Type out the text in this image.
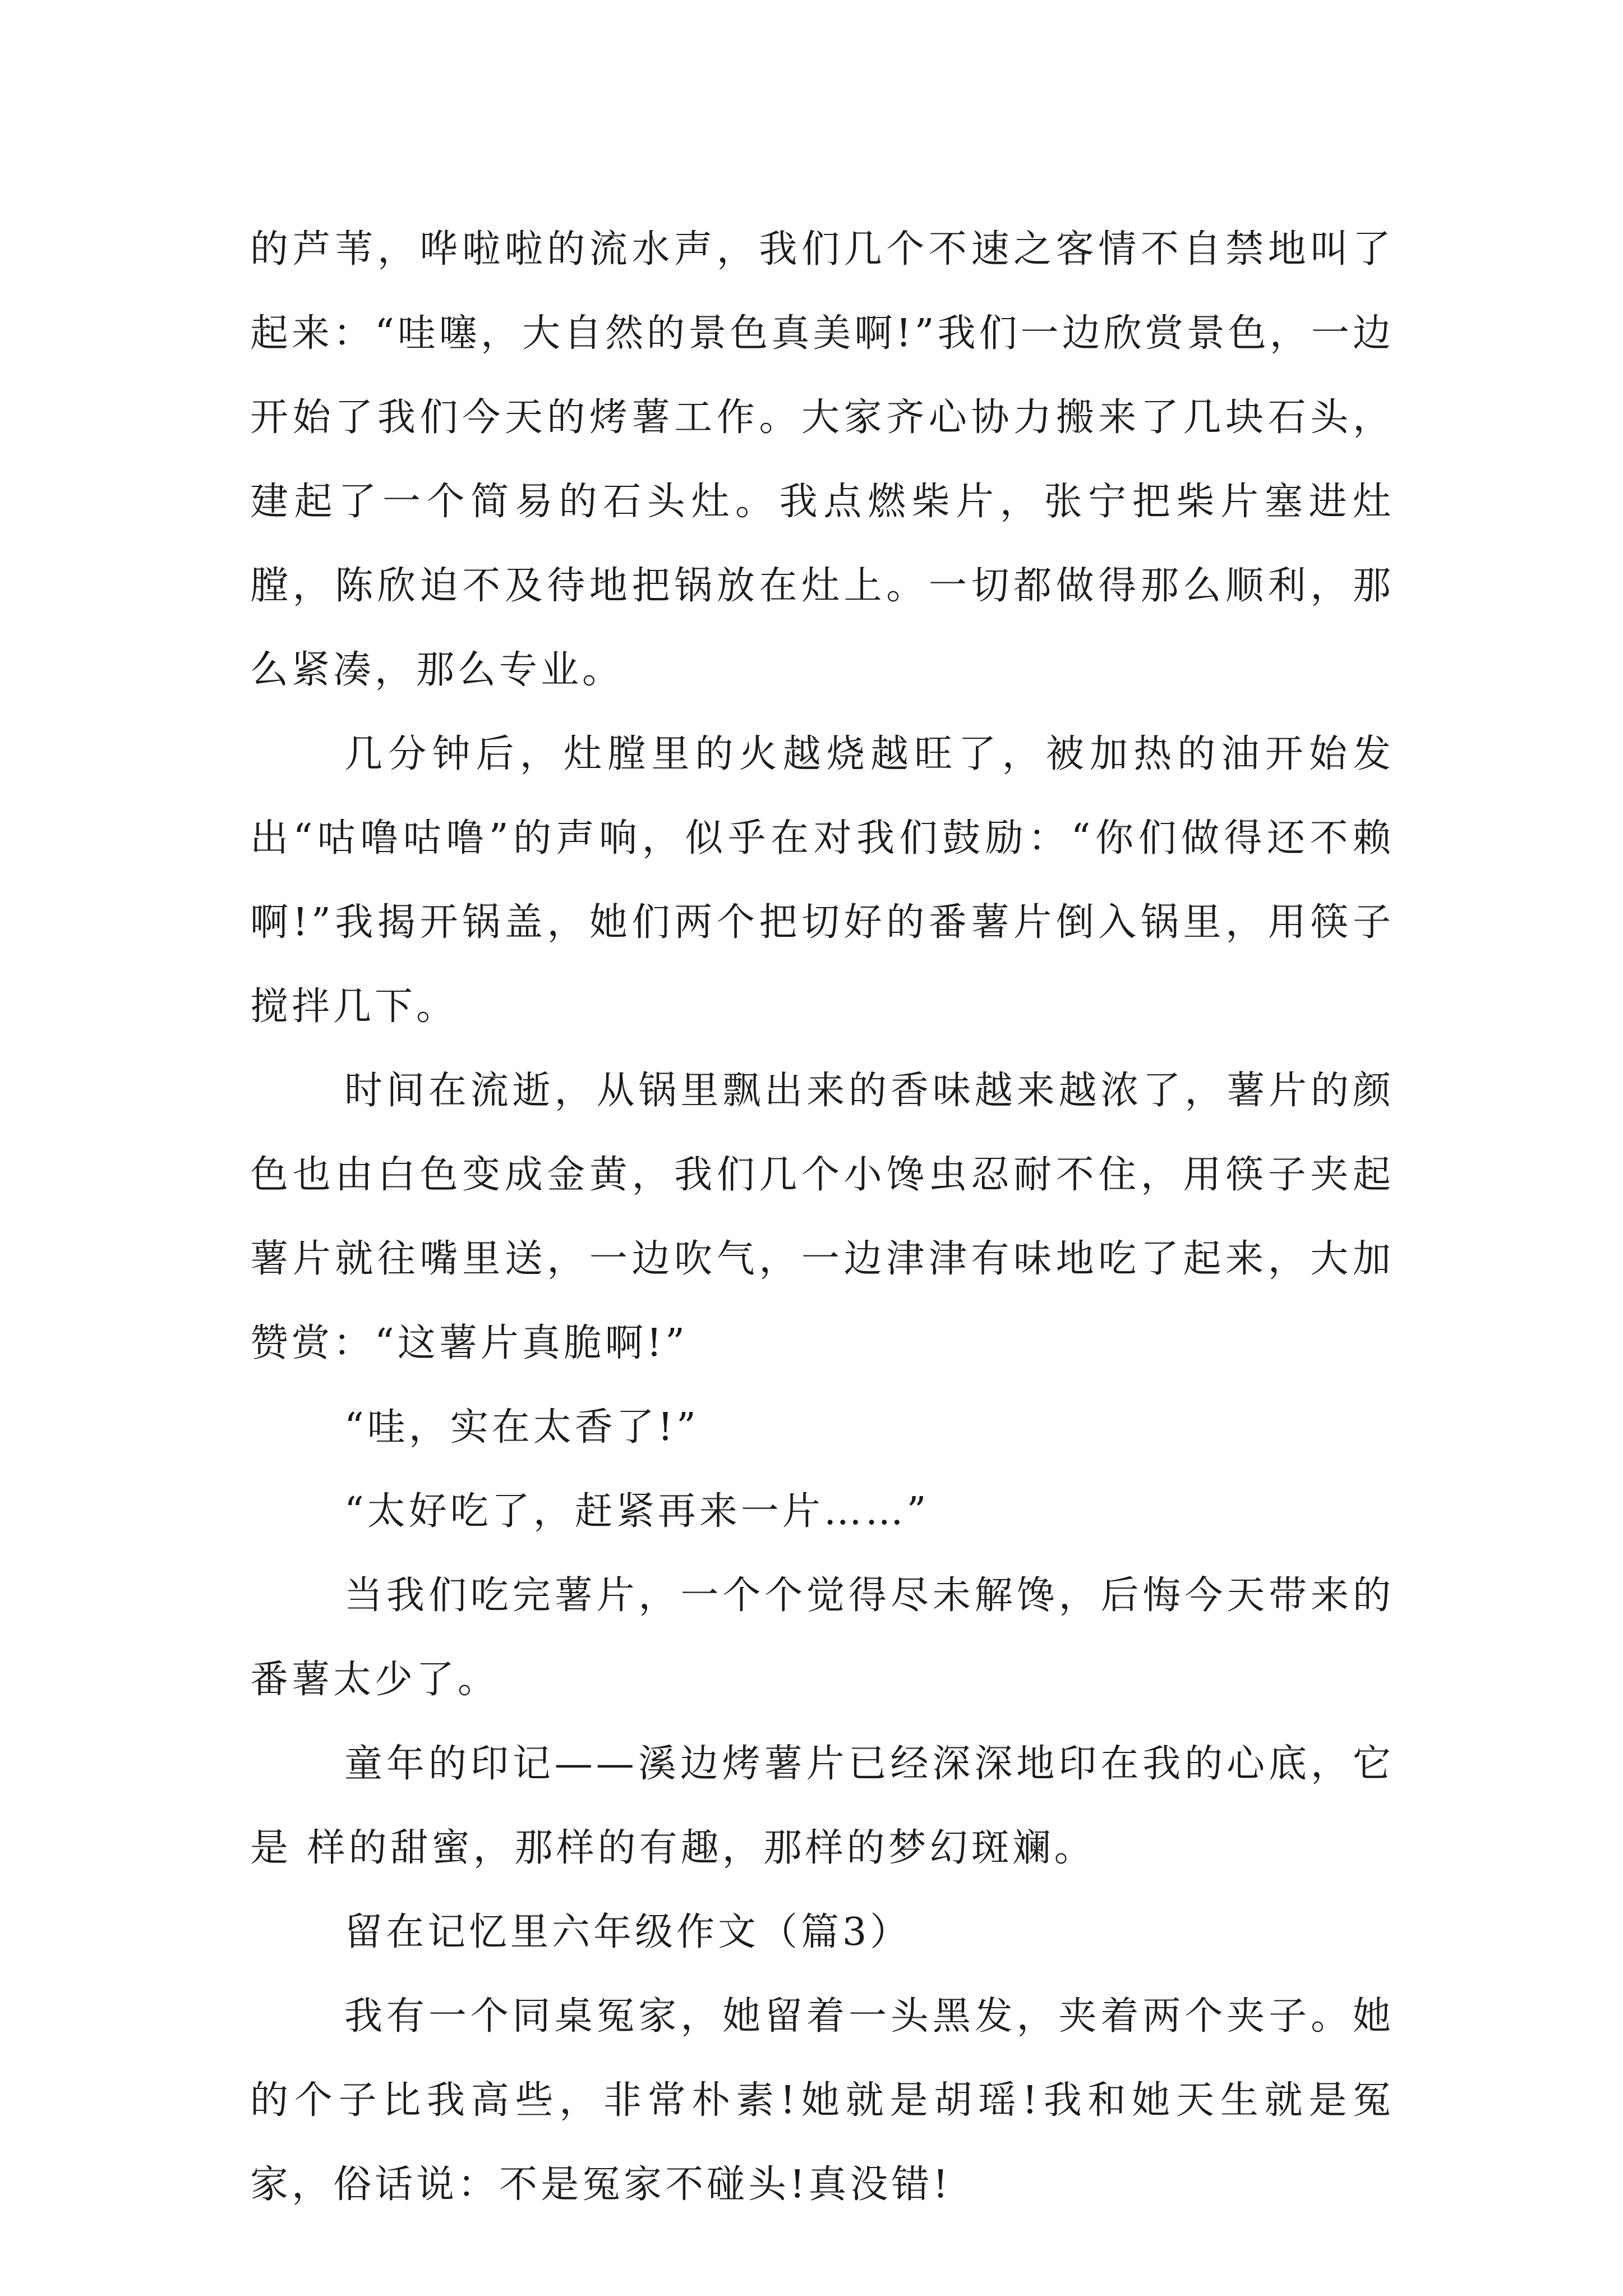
的芦苇，哗啦啦的流水声，我们几个不速之客情不自禁地叫了起来：“哇噻，大自然的景色真美啊!”我们一边欣赏景色，一边开始了我们今天的烤薯工作。大家齐心协力搬来了几块石头，建起了一个简易的石头灶。我点燃柴片，张宁把柴片塞进灶膛，陈欣迫不及待地把锅放在灶上。一切都做得那么顺利，那么紧凑，那么专业。

几分钟后，灶膛里的火越烧越旺了，被加热的油开始发出“咕噜咕噜”的声响，似乎在对我们鼓励：“你们做得还不赖啊!”我揭开锅盖，她们两个把切好的番薯片倒入锅里，用筷子搅拌几下。

时间在流逝，从锅里飘出来的香味越来越浓了，薯片的颜色也由白色变成金黄，我们几个小馋虫忍耐不住，用筷子夹起薯片就往嘴里送，一边吹气，一边津津有味地吃了起来，大加赞赏：“这薯片真脆啊!”

“哇，实在太香了!”

“太好吃了，赶紧再来一片……”

当我们吃完薯片，一个个觉得尽未解馋，后悔今天带来的番薯太少了。

童年的印记——溪边烤薯片已经深深地印在我的心底，它是 样的甜蜜，那样的有趣，那样的梦幻斑斓。

留在记忆里六年级作文（篇3）

我有一个同桌冤家，她留着一头黑发，夹着两个夹子。她的个子比我高些，非常朴素!她就是胡瑶!我和她天生就是冤家，俗话说：不是冤家不碰头!真没错!
